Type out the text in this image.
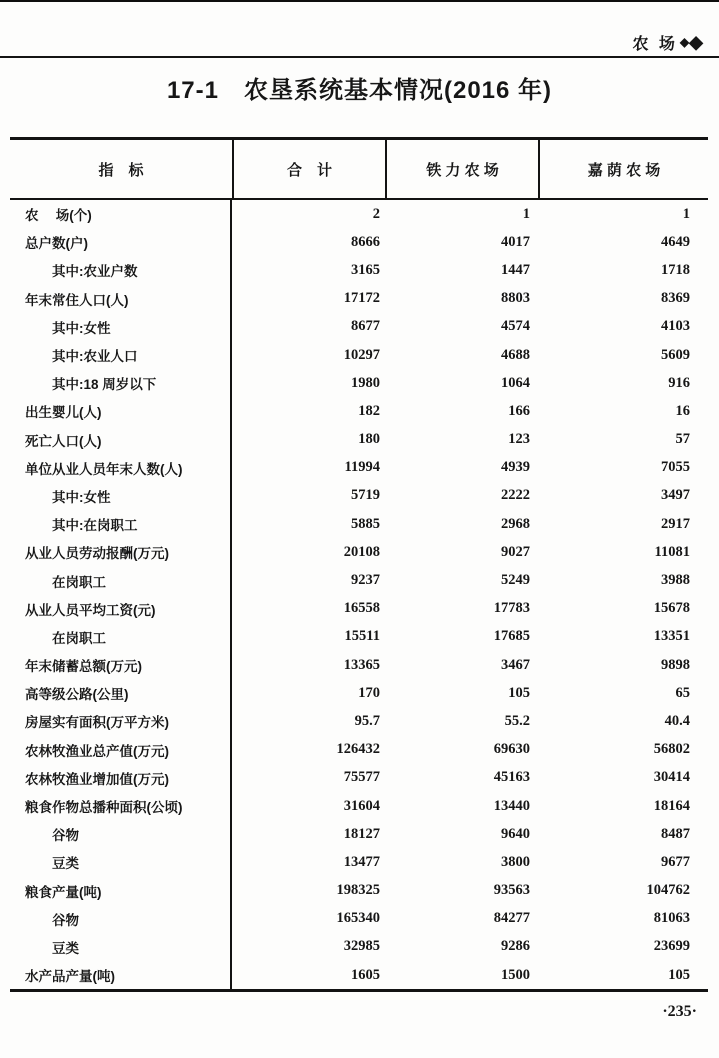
农 场 ◆ ◆
17-1　农垦系统基本情况(2016 年)
指　标	合　计	铁 力 农 场	嘉 荫 农 场
农　 场(个)	2	1	1
总户数(户)	8666	4017	4649
其中:农业户数	3165	1447	1718
年末常住人口(人)	17172	8803	8369
其中:女性	8677	4574	4103
其中:农业人口	10297	4688	5609
其中:18 周岁以下	1980	1064	916
出生婴儿(人)	182	166	16
死亡人口(人)	180	123	57
单位从业人员年末人数(人)	11994	4939	7055
其中:女性	5719	2222	3497
其中:在岗职工	5885	2968	2917
从业人员劳动报酬(万元)	20108	9027	11081
在岗职工	9237	5249	3988
从业人员平均工资(元)	16558	17783	15678
在岗职工	15511	17685	13351
年末储蓄总额(万元)	13365	3467	9898
高等级公路(公里)	170	105	65
房屋实有面积(万平方米)	95.7	55.2	40.4
农林牧渔业总产值(万元)	126432	69630	56802
农林牧渔业增加值(万元)	75577	45163	30414
粮食作物总播种面积(公顷)	31604	13440	18164
谷物	18127	9640	8487
豆类	13477	3800	9677
粮食产量(吨)	198325	93563	104762
谷物	165340	84277	81063
豆类	32985	9286	23699
水产品产量(吨)	1605	1500	105
·235·
